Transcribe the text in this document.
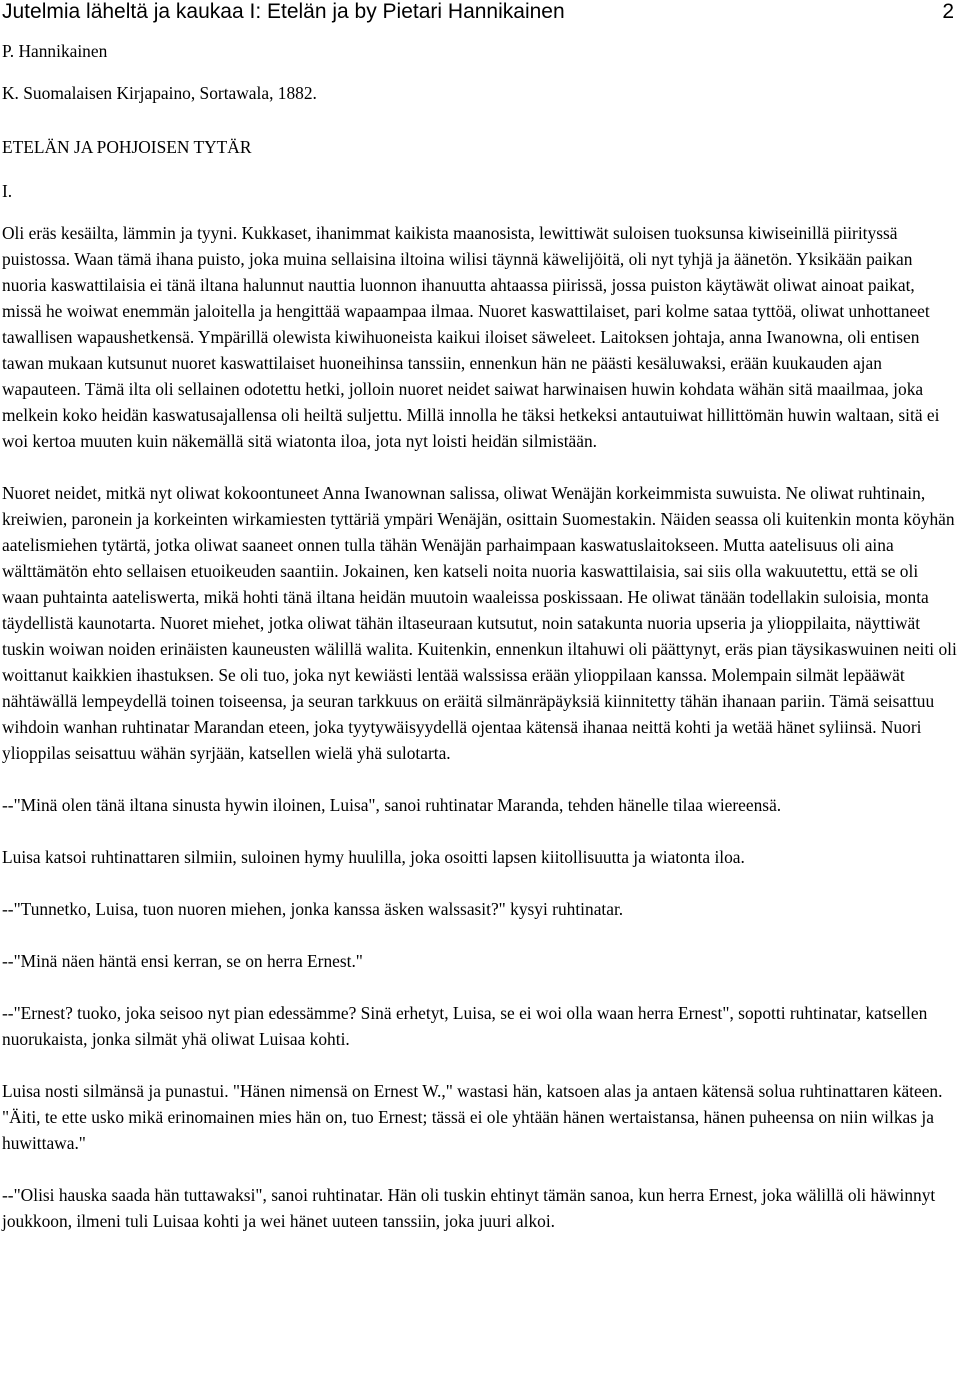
Jutelmia läheltä ja kaukaa I: Etelän ja by Pietari Hannikainen	2

P. Hannikainen

K. Suomalaisen Kirjapaino, Sortawala, 1882.

ETELÄN JA POHJOISEN TYTÄR

I.

Oli eräs kesäilta, lämmin ja tyyni. Kukkaset, ihanimmat kaikista maanosista, lewittiwät suloisen tuoksunsa kiwiseinillä piirityssä puistossa. Waan tämä ihana puisto, joka muina sellaisina iltoina wilisi täynnä käwelijöitä, oli nyt tyhjä ja äänetön. Yksikään paikan nuoria kaswattilaisia ei tänä iltana halunnut nauttia luonnon ihanuutta ahtaassa piirissä, jossa puiston käytäwät oliwat ainoat paikat, missä he woiwat enemmän jaloitella ja hengittää wapaampaa ilmaa. Nuoret kaswattilaiset, pari kolme sataa tyttöä, oliwat unhottaneet tawallisen wapaushetkensä. Ympärillä olewista kiwihuoneista kaikui iloiset säweleet. Laitoksen johtaja, anna Iwanowna, oli entisen tawan mukaan kutsunut nuoret kaswattilaiset huoneihinsa tanssiin, ennenkun hän ne päästi kesäluwaksi, erään kuukauden ajan wapauteen. Tämä ilta oli sellainen odotettu hetki, jolloin nuoret neidet saiwat harwinaisen huwin kohdata wähän sitä maailmaa, joka melkein koko heidän kaswatusajallensa oli heiltä suljettu. Millä innolla he täksi hetkeksi antautuiwat hillittömän huwin waltaan, sitä ei woi kertoa muuten kuin näkemällä sitä wiatonta iloa, jota nyt loisti heidän silmistään.

Nuoret neidet, mitkä nyt oliwat kokoontuneet Anna Iwanownan salissa, oliwat Wenäjän korkeimmista suwuista. Ne oliwat ruhtinain, kreiwien, paronein ja korkeinten wirkamiesten tyttäriä ympäri Wenäjän, osittain Suomestakin. Näiden seassa oli kuitenkin monta köyhän aatelismiehen tytärtä, jotka oliwat saaneet onnen tulla tähän Wenäjän parhaimpaan kaswatuslaitokseen. Mutta aatelisuus oli aina wälttämätön ehto sellaisen etuoikeuden saantiin. Jokainen, ken katseli noita nuoria kaswattilaisia, sai siis olla wakuutettu, että se oli waan puhtainta aateliswerta, mikä hohti tänä iltana heidän muutoin waaleissa poskissaan. He oliwat tänään todellakin suloisia, monta täydellistä kaunotarta. Nuoret miehet, jotka oliwat tähän iltaseuraan kutsutut, noin satakunta nuoria upseria ja ylioppilaita, näyttiwät tuskin woiwan noiden erinäisten kauneusten wälillä walita. Kuitenkin, ennenkun iltahuwi oli päättynyt, eräs pian täysikaswuinen neiti oli woittanut kaikkien ihastuksen. Se oli tuo, joka nyt kewiästi lentää walssissa erään ylioppilaan kanssa. Molempain silmät lepääwät nähtäwällä lempeydellä toinen toiseensa, ja seuran tarkkuus on eräitä silmänräpäyksiä kiinnitetty tähän ihanaan pariin. Tämä seisattuu wihdoin wanhan ruhtinatar Marandan eteen, joka tyytywäisyydellä ojentaa kätensä ihanaa neittä kohti ja wetää hänet syliinsä. Nuori ylioppilas seisattuu wähän syrjään, katsellen wielä yhä sulotarta.

--"Minä olen tänä iltana sinusta hywin iloinen, Luisa", sanoi ruhtinatar Maranda, tehden hänelle tilaa wiereensä.

Luisa katsoi ruhtinattaren silmiin, suloinen hymy huulilla, joka osoitti lapsen kiitollisuutta ja wiatonta iloa.

--"Tunnetko, Luisa, tuon nuoren miehen, jonka kanssa äsken walssasit?" kysyi ruhtinatar.

--"Minä näen häntä ensi kerran, se on herra Ernest."

--"Ernest? tuoko, joka seisoo nyt pian edessämme? Sinä erhetyt, Luisa, se ei woi olla waan herra Ernest", sopotti ruhtinatar, katsellen nuorukaista, jonka silmät yhä oliwat Luisaa kohti.

Luisa nosti silmänsä ja punastui. "Hänen nimensä on Ernest W.," wastasi hän, katsoen alas ja antaen kätensä solua ruhtinattaren käteen. "Äiti, te ette usko mikä erinomainen mies hän on, tuo Ernest; tässä ei ole yhtään hänen wertaistansa, hänen puheensa on niin wilkas ja huwittawa."

--"Olisi hauska saada hän tuttawaksi", sanoi ruhtinatar. Hän oli tuskin ehtinyt tämän sanoa, kun herra Ernest, joka wälillä oli häwinnyt joukkoon, ilmeni tuli Luisaa kohti ja wei hänet uuteen tanssiin, joka juuri alkoi.
